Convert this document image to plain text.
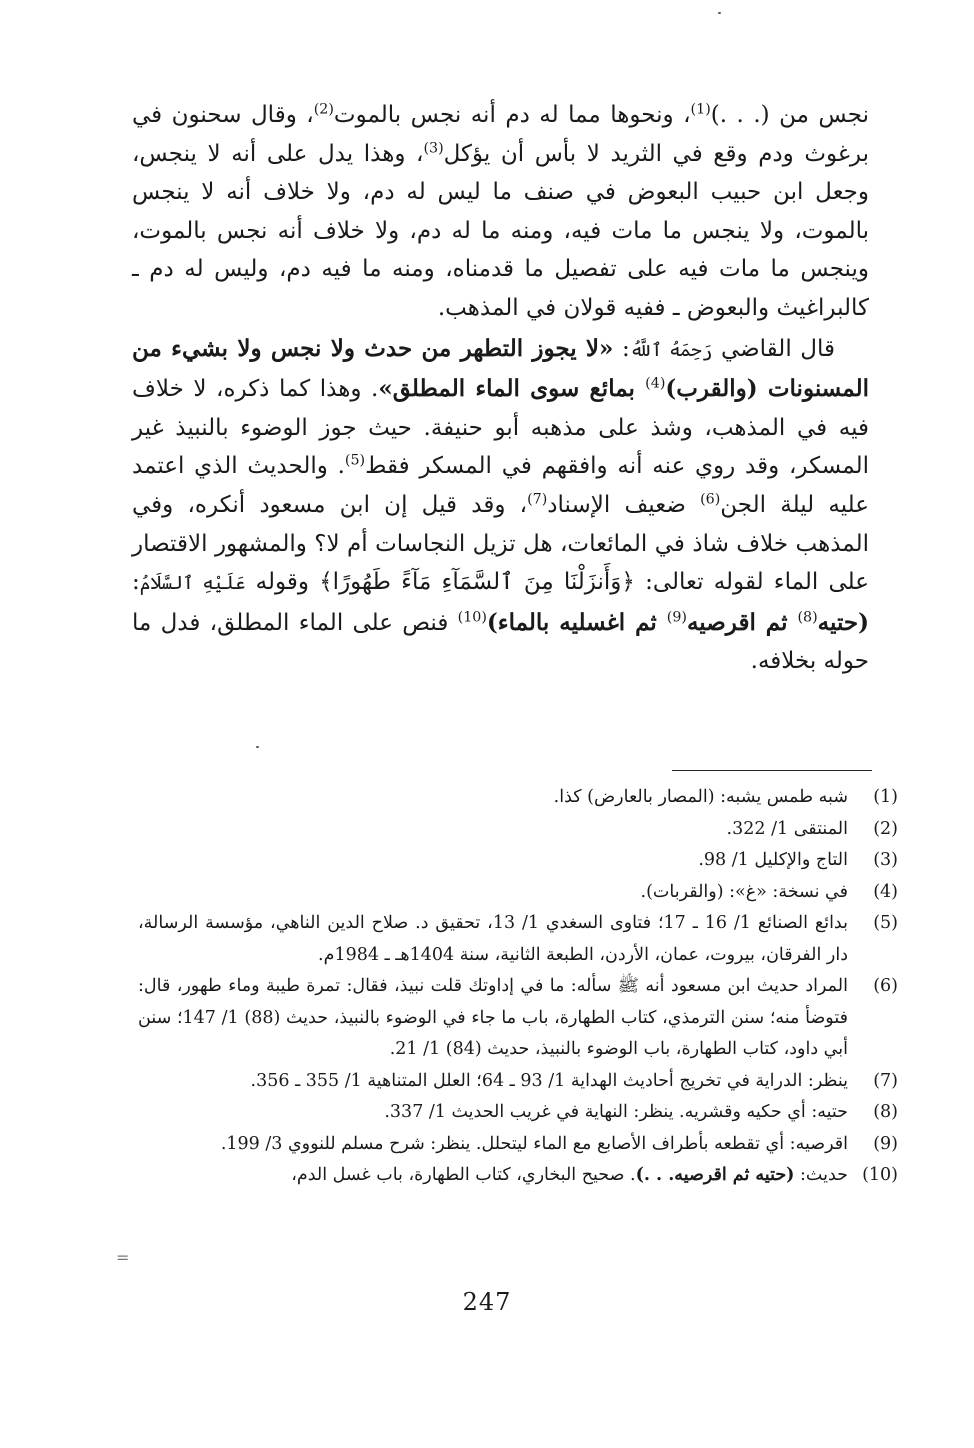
نجس من (. . .)$^{(1)}$، ونحوها مما له دم أنه نجس بالموت$^{(2)}$، وقال سحنون في برغوث ودم وقع في الثريد لا بأس أن يؤكل$^{(3)}$، وهذا يدل على أنه لا ينجس، وجعل ابن حبيب البعوض في صنف ما ليس له دم، ولا خلاف أنه لا ينجس بالموت، ولا ينجس ما مات فيه، ومنه ما له دم، ولا خلاف أنه نجس بالموت، وينجس ما مات فيه على تفصيل ما قدمناه، ومنه ما فيه دم، وليس له دم ـ كالبراغيث والبعوض ـ ففيه قولان في المذهب.

قال القاضي رَحِمَهُ ٱللَّهُ: «لا يجوز التطهر من حدث ولا نجس ولا بشيء من المسنونات (والقرب)$^{(4)}$ بمائع سوى الماء المطلق». وهذا كما ذكره، لا خلاف فيه في المذهب، وشذ على مذهبه أبو حنيفة. حيث جوز الوضوء بالنبيذ غير المسكر، وقد روي عنه أنه وافقهم في المسكر فقط$^{(5)}$. والحديث الذي اعتمد عليه ليلة الجن$^{(6)}$ ضعيف الإسناد$^{(7)}$، وقد قيل إن ابن مسعود أنكره، وفي المذهب خلاف شاذ في المائعات، هل تزيل النجاسات أم لا؟ والمشهور الاقتصار على الماء لقوله تعالى: ﴿وَأَنزَلْنَا مِنَ ٱلسَّمَآءِ مَآءً طَهُورًا﴾ وقوله عَلَيْهِ ٱلسَّلَامُ: (حتيه$^{(8)}$ ثم اقرصيه$^{(9)}$ ثم اغسليه بالماء)$^{(10)}$ فنص على الماء المطلق، فدل ما حوله بخلافه.

(1)
شبه طمس يشبه: (المصار بالعارض) كذا.
(2)
المنتقى 1/ 322.
(3)
التاج والإكليل 1/ 98.
(4)
في نسخة: «غ»: (والقربات).
(5)
بدائع الصنائع 1/ 16 ـ 17؛ فتاوى السغدي 1/ 13، تحقيق د. صلاح الدين الناهي، مؤسسة الرسالة، دار الفرقان، بيروت، عمان، الأردن، الطبعة الثانية، سنة 1404هـ ـ 1984م.
(6)
المراد حديث ابن مسعود أنه ﷺ سأله: ما في إداوتك قلت نبيذ، فقال: تمرة طيبة وماء طهور، قال: فتوضأ منه؛ سنن الترمذي، كتاب الطهارة، باب ما جاء في الوضوء بالنبيذ، حديث (88) 1/ 147؛ سنن أبي داود، كتاب الطهارة، باب الوضوء بالنبيذ، حديث (84) 1/ 21.
(7)
ينظر: الدراية في تخريج أحاديث الهداية 1/ 93 ـ 64؛ العلل المتناهية 1/ 355 ـ 356.
(8)
حتيه: أي حكيه وقشريه. ينظر: النهاية في غريب الحديث 1/ 337.
(9)
اقرصيه: أي تقطعه بأطراف الأصابع مع الماء ليتحلل. ينظر: شرح مسلم للنووي 3/ 199.
(10)
حديث: (حتيه ثم اقرصيه. . .). صحيح البخاري، كتاب الطهارة، باب غسل الدم،
=
247
